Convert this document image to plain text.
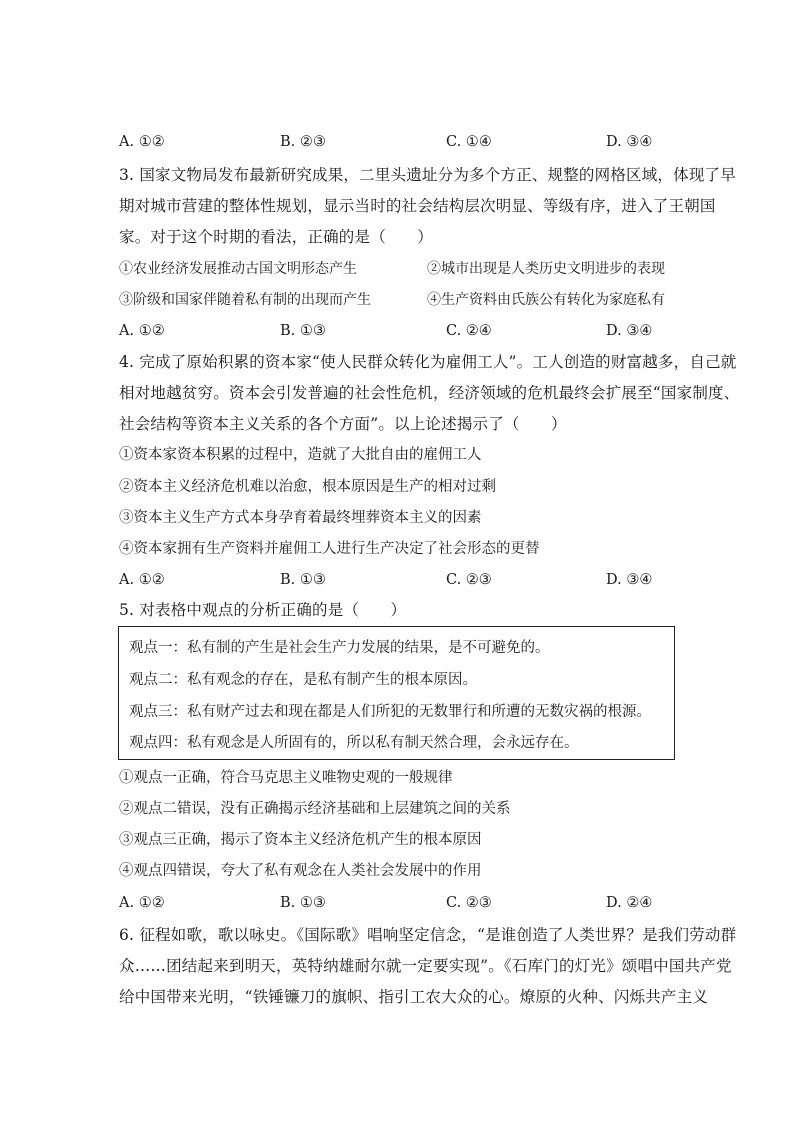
A. ①②	B. ②③	C. ①④	D. ③④
3. 国家文物局发布最新研究成果，二里头遗址分为多个方正、规整的网格区域，体现了早
期对城市营建的整体性规划，显示当时的社会结构层次明显、等级有序，进入了王朝国
家。对于这个时期的看法，正确的是（　　）
①农业经济发展推动古国文明形态产生	②城市出现是人类历史文明进步的表现
③阶级和国家伴随着私有制的出现而产生	④生产资料由氏族公有转化为家庭私有
A. ①②	B. ①③	C. ②④	D. ③④
4. 完成了原始积累的资本家“使人民群众转化为雇佣工人”。工人创造的财富越多，自己就
相对地越贫穷。资本会引发普遍的社会性危机，经济领域的危机最终会扩展至“国家制度、
社会结构等资本主义关系的各个方面”。以上论述揭示了（　　）
①资本家资本积累的过程中，造就了大批自由的雇佣工人
②资本主义经济危机难以治愈，根本原因是生产的相对过剩
③资本主义生产方式本身孕育着最终埋葬资本主义的因素
④资本家拥有生产资料并雇佣工人进行生产决定了社会形态的更替
A. ①②	B. ①③	C. ②③	D. ③④
5. 对表格中观点的分析正确的是（　　）
观点一：私有制的产生是社会生产力发展的结果，是不可避免的。
观点二：私有观念的存在，是私有制产生的根本原因。
观点三：私有财产过去和现在都是人们所犯的无数罪行和所遭的无数灾祸的根源。
观点四：私有观念是人所固有的，所以私有制天然合理，会永远存在。
①观点一正确，符合马克思主义唯物史观的一般规律
②观点二错误，没有正确揭示经济基础和上层建筑之间的关系
③观点三正确，揭示了资本主义经济危机产生的根本原因
④观点四错误，夸大了私有观念在人类社会发展中的作用
A. ①②	B. ①③	C. ②③	D. ②④
6. 征程如歌，歌以咏史。《国际歌》唱响坚定信念，“是谁创造了人类世界？是我们劳动群
众……团结起来到明天，英特纳雄耐尔就一定要实现”。《石库门的灯光》颂唱中国共产党
给中国带来光明，“铁锤镰刀的旗帜、指引工农大众的心。燎原的火种、闪烁共产主义
